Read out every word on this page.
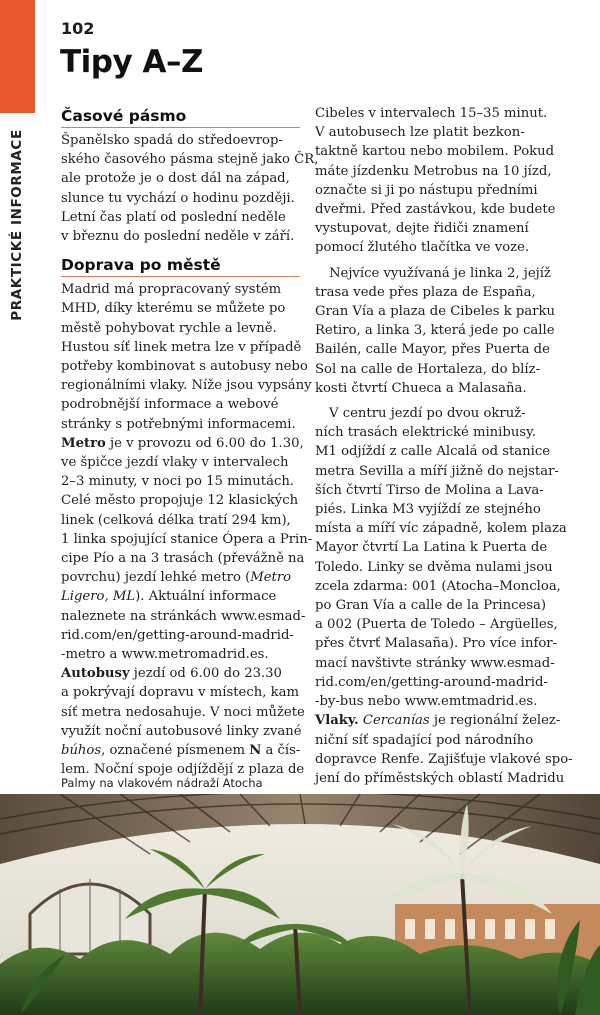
PRAKTICKÉ INFORMACE
102
Tipy A–Z
Časové pásmo

Španělsko spadá do středoevrop-
ského časového pásma stejně jako ČR,
ale protože je o dost dál na západ,
slunce tu vychází o hodinu později.
Letní čas platí od poslední neděle
v březnu do poslední neděle v září.

Doprava po městě

Madrid má propracovaný systém
MHD, díky kterému se můžete po
městě pohybovat rychle a levně.
Hustou síť linek metra lze v případě
potřeby kombinovat s autobusy nebo
regionálními vlaky. Níže jsou vypsány
podrobnější informace a webové
stránky s potřebnými informacemi.

Metro je v provozu od 6.00 do 1.30,
ve špičce jezdí vlaky v intervalech
2–3 minuty, v noci po 15 minutách.
Celé město propojuje 12 klasických
linek (celková délka tratí 294 km),
1 linka spojující stanice Ópera a Prin-
cipe Pío a na 3 trasách (převážně na
povrchu) jezdí lehké metro (Metro
Ligero, ML). Aktuální informace
naleznete na stránkách www.esmad-
rid.com/en/getting-around-madrid-
-metro a www.metromadrid.es.

Autobusy jezdí od 6.00 do 23.30
a pokrývají dopravu v místech, kam
síť metra nedosahuje. V noci můžete
využít noční autobusové linky zvané
búhos, označené písmenem N a čís-
lem. Noční spoje odjíždějí z plaza de

Cibeles v intervalech 15–35 minut.
V autobusech lze platit bezkon-
taktně kartou nebo mobilem. Pokud
máte jízdenku Metrobus na 10 jízd,
označte si ji po nástupu předními
dveřmi. Před zastávkou, kde budete
vystupovat, dejte řidiči znamení
pomocí žlutého tlačítka ve voze.

Nejvíce využívaná je linka 2, jejíž
trasa vede přes plaza de España,
Gran Vía a plaza de Cibeles k parku
Retiro, a linka 3, která jede po calle
Bailén, calle Mayor, přes Puerta de
Sol na calle de Hortaleza, do blíz-
kosti čtvrtí Chueca a Malasaña.

V centru jezdí po dvou okruž-
ních trasách elektrické minibusy.
M1 odjíždí z calle Alcalá od stanice
metra Sevilla a míří jižně do nejstar-
ších čtvrtí Tirso de Molina a Lava-
piés. Linka M3 vyjíždí ze stejného
místa a míří víc západně, kolem plaza
Mayor čtvrtí La Latina k Puerta de
Toledo. Linky se dvěma nulami jsou
zcela zdarma: 001 (Atocha–Moncloa,
po Gran Vía a calle de la Princesa)
a 002 (Puerta de Toledo – Argüelles,
přes čtvrť Malasaña). Pro více infor-
mací navštivte stránky www.esmad-
rid.com/en/getting-around-madrid-
-by-bus nebo www.emtmadrid.es.

Vlaky. Cercanías je regionální želez-
niční síť spadající pod národního
dopravce Renfe. Zajišťuje vlakové spo-
jení do příměstských oblastí Madridu

Palmy na vlakovém nádraží Atocha
